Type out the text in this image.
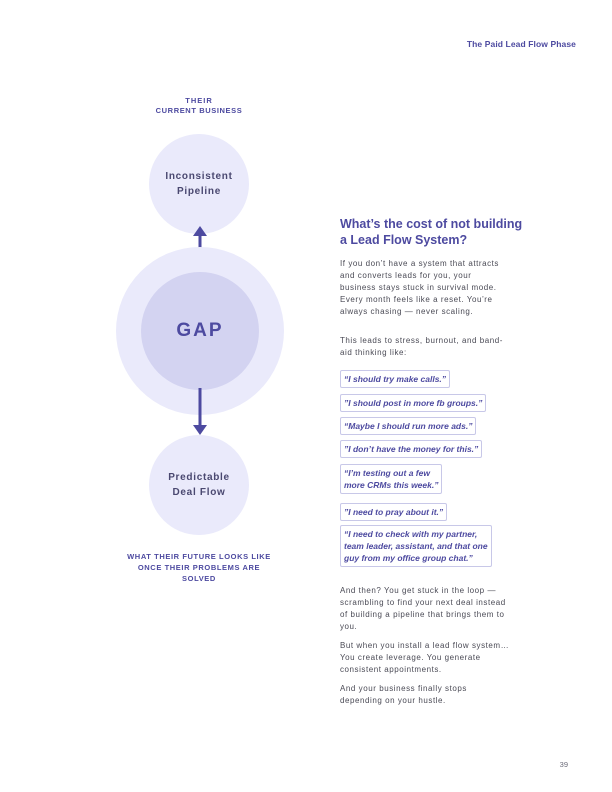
The Paid Lead Flow Phase
THEIR
CURRENT BUSINESS
Inconsistent
Pipeline
GAP
Predictable
Deal Flow
WHAT THEIR FUTURE LOOKS LIKE
ONCE THEIR PROBLEMS ARE
SOLVED
What’s the cost of not building
a Lead Flow System?
If you don’t have a system that attracts
and converts leads for you, your
business stays stuck in survival mode.
Every month feels like a reset. You’re
always chasing — never scaling.
This leads to stress, burnout, and band-
aid thinking like:
“I should try make calls.”
”I should post in more fb groups.”
“Maybe I should run more ads.”
”I don’t have the money for this.”
“I’m testing out a few
more CRMs this week.”
”I need to pray about it.”
“I need to check with my partner,
team leader, assistant, and that one
guy from my office group chat.”
And then? You get stuck in the loop —
scrambling to find your next deal instead
of building a pipeline that brings them to
you.
But when you install a lead flow system…
You create leverage. You generate
consistent appointments.
And your business finally stops
depending on your hustle.
39
